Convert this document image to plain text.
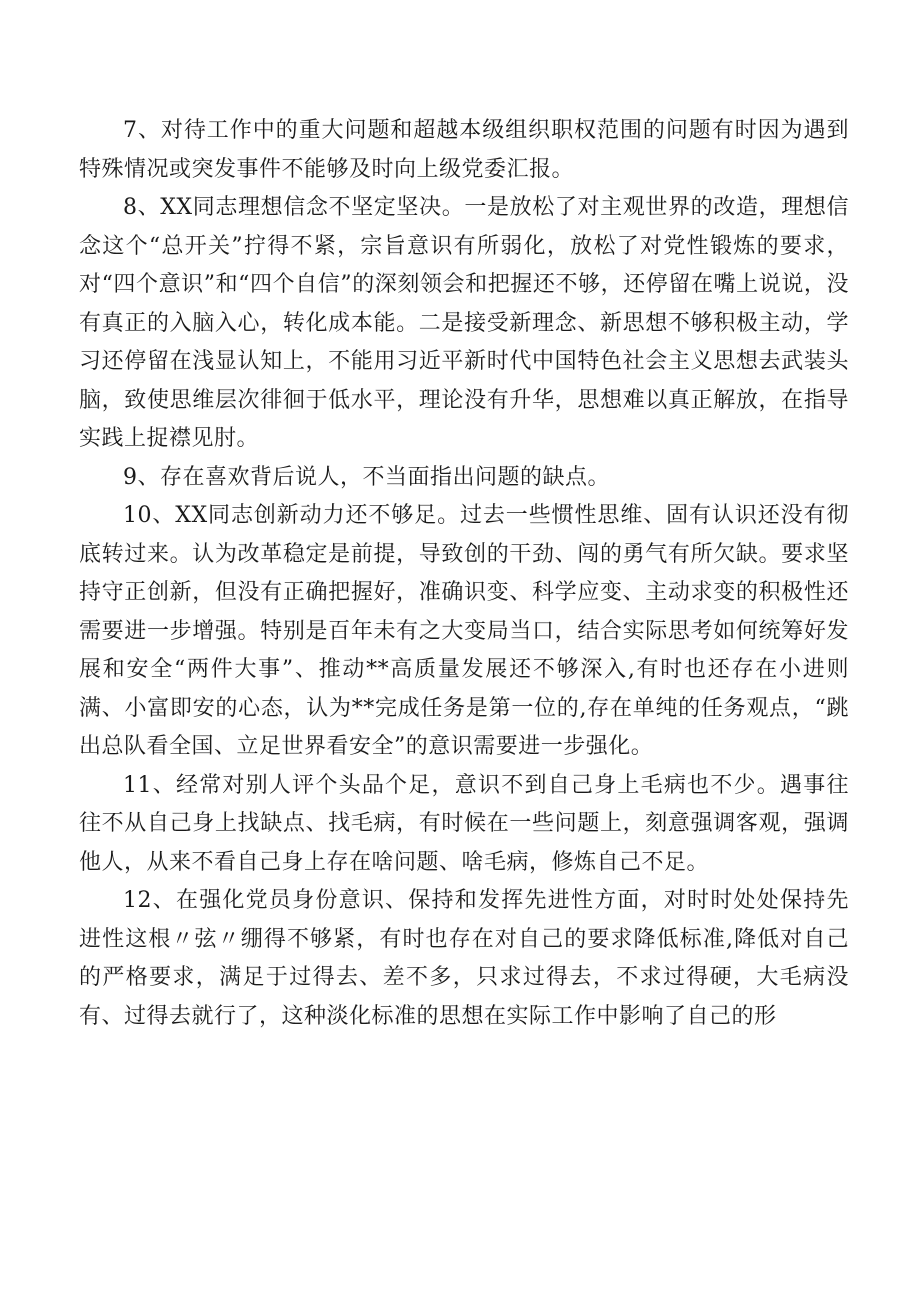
7、对待工作中的重大问题和超越本级组织职权范围的问题有时因为遇到特殊情况或突发事件不能够及时向上级党委汇报。

8、XX同志理想信念不坚定坚决。一是放松了对主观世界的改造，理想信念这个“总开关”拧得不紧，宗旨意识有所弱化，放松了对党性锻炼的要求，对“四个意识”和“四个自信”的深刻领会和把握还不够，还停留在嘴上说说，没有真正的入脑入心，转化成本能。二是接受新理念、新思想不够积极主动，学习还停留在浅显认知上，不能用习近平新时代中国特色社会主义思想去武装头脑，致使思维层次徘徊于低水平，理论没有升华，思想难以真正解放，在指导实践上捉襟见肘。

9、存在喜欢背后说人，不当面指出问题的缺点。

10、XX同志创新动力还不够足。过去一些惯性思维、固有认识还没有彻底转过来。认为改革稳定是前提，导致创的干劲、闯的勇气有所欠缺。要求坚持守正创新，但没有正确把握好，准确识变、科学应变、主动求变的积极性还需要进一步增强。特别是百年未有之大变局当口，结合实际思考如何统筹好发展和安全“两件大事”、推动**高质量发展还不够深入,有时也还存在小进则满、小富即安的心态，认为**完成任务是第一位的,存在单纯的任务观点，“跳出总队看全国、立足世界看安全”的意识需要进一步强化。

11、经常对别人评个头品个足，意识不到自己身上毛病也不少。遇事往往不从自己身上找缺点、找毛病，有时候在一些问题上，刻意强调客观，强调他人，从来不看自己身上存在啥问题、啥毛病，修炼自己不足。

12、在强化党员身份意识、保持和发挥先进性方面，对时时处处保持先进性这根〃弦〃绷得不够紧，有时也存在对自己的要求降低标准,降低对自己的严格要求，满足于过得去、差不多，只求过得去，不求过得硬，大毛病没有、过得去就行了，这种淡化标准的思想在实际工作中影响了自己的形
